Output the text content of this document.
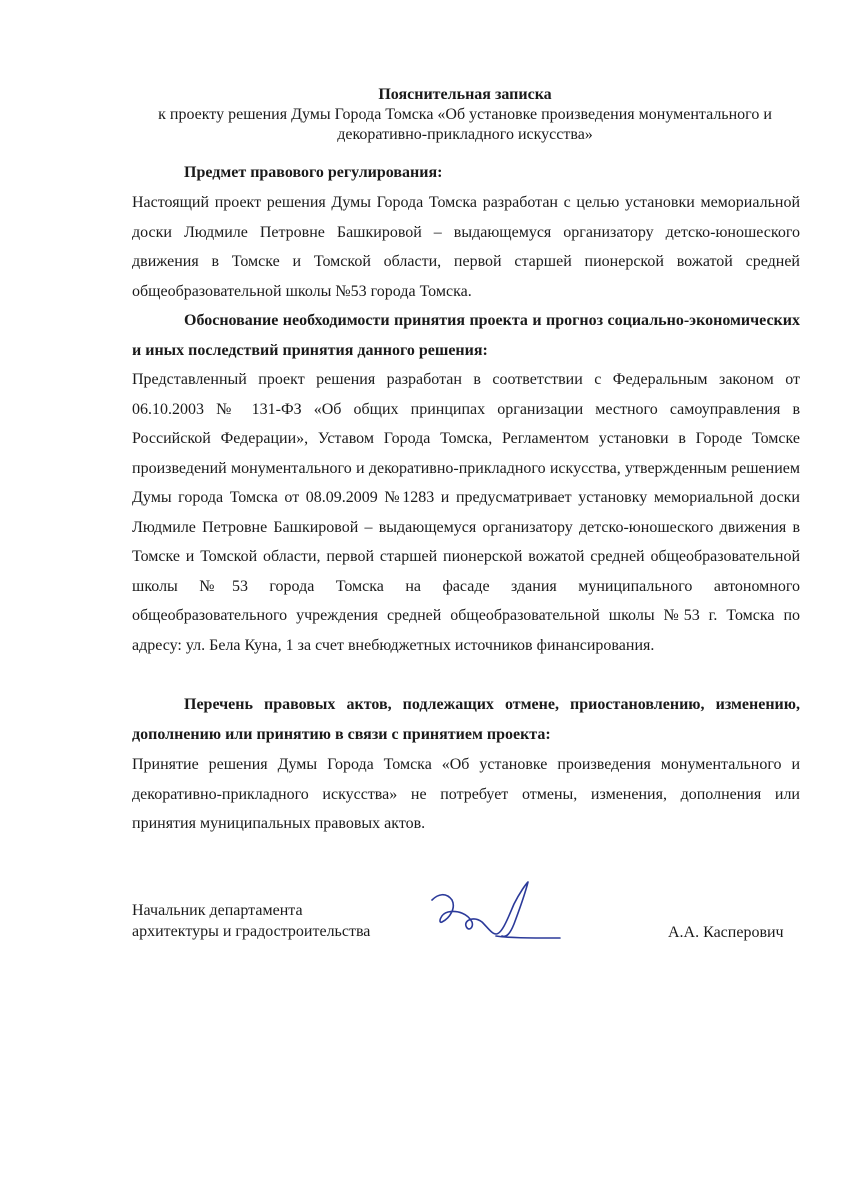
Пояснительная записка
к проекту решения Думы Города Томска «Об установке произведения монументального и
декоративно-прикладного искусства»
Предмет правового регулирования:
Настоящий проект решения Думы Города Томска разработан с целью установки мемориальной доски Людмиле Петровне Башкировой – выдающемуся организатору детско-юношеского движения в Томске и Томской области, первой старшей пионерской вожатой средней общеобразовательной школы №53 города Томска.
Обоснование необходимости принятия проекта и прогноз социально-экономических и иных последствий принятия данного решения:
Представленный проект решения разработан в соответствии с Федеральным законом от 06.10.2003 № 131-ФЗ «Об общих принципах организации местного самоуправления в Российской Федерации», Уставом Города Томска, Регламентом установки в Городе Томске произведений монументального и декоративно-прикладного искусства, утвержденным решением Думы города Томска от 08.09.2009 №1283 и предусматривает установку мемориальной доски Людмиле Петровне Башкировой – выдающемуся организатору детско-юношеского движения в Томске и Томской области, первой старшей пионерской вожатой средней общеобразовательной школы №53 города Томска на фасаде здания муниципального автономного общеобразовательного учреждения средней общеобразовательной школы №53 г. Томска по адресу: ул. Бела Куна, 1 за счет внебюджетных источников финансирования.
Перечень правовых актов, подлежащих отмене, приостановлению, изменению, дополнению или принятию в связи с принятием проекта:
Принятие решения Думы Города Томска «Об установке произведения монументального и декоративно-прикладного искусства» не потребует отмены, изменения, дополнения или принятия муниципальных правовых актов.
Начальник департамента
архитектуры и градостроительства	А.А. Касперович
